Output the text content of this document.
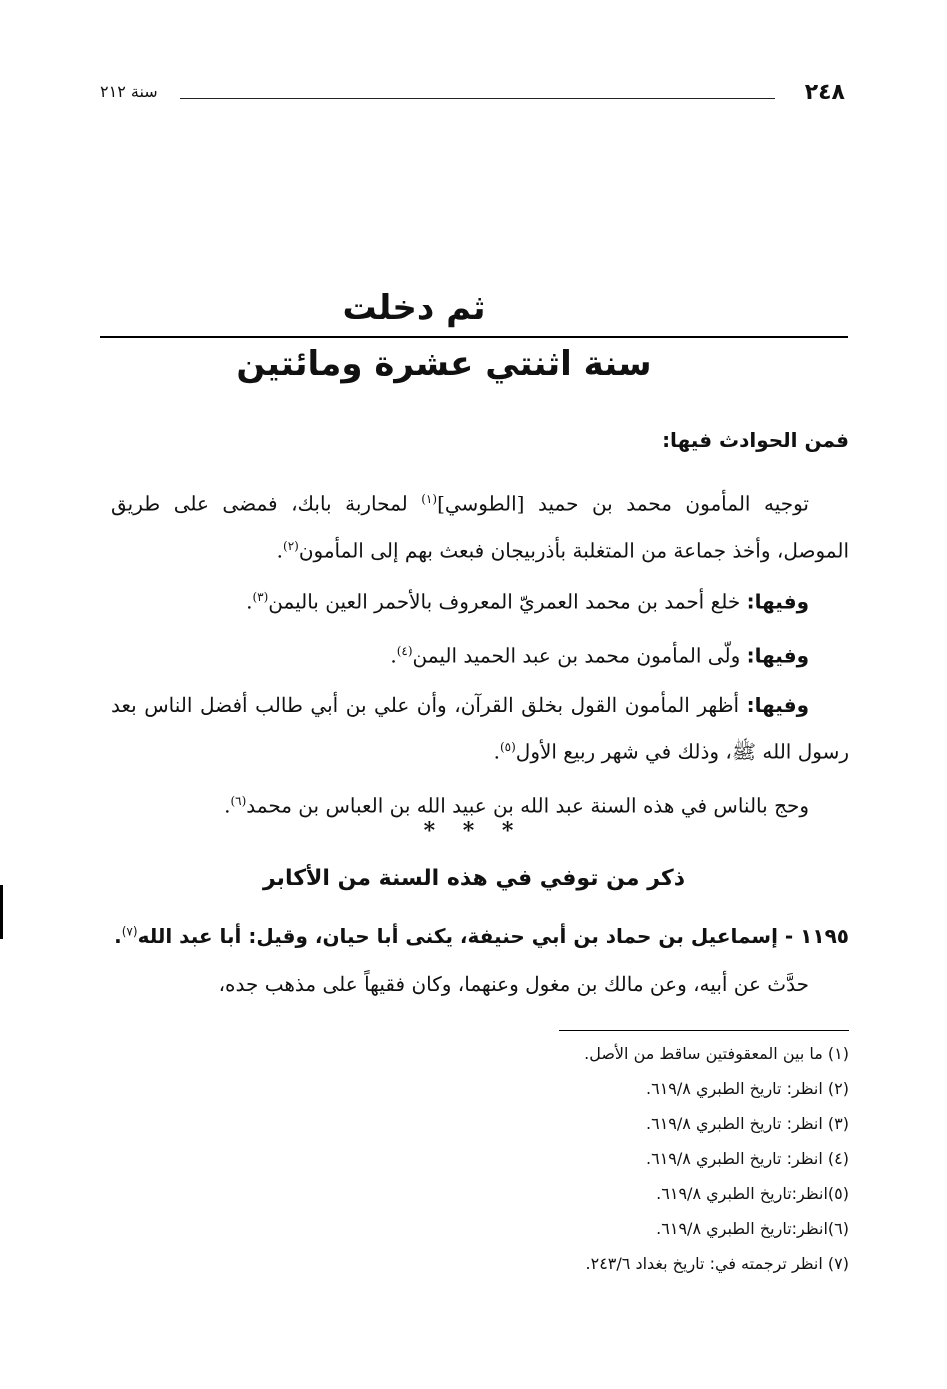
٢٤٨
سنة ٢١٢
ثم دخلت
سنة اثنتي عشرة ومائتين
فمن الحوادث فيها:
توجيه المأمون محمد بن حميد [الطوسي]$^{(١)}$ لمحاربة بابك، فمضى على طريق الموصل، وأخذ جماعة من المتغلبة بأذربيجان فبعث بهم إلى المأمون$^{(٢)}$.
وفيها: خلع أحمد بن محمد العمريّ المعروف بالأحمر العين باليمن$^{(٣)}$.
وفيها: ولّى المأمون محمد بن عبد الحميد اليمن$^{(٤)}$.
وفيها: أظهر المأمون القول بخلق القرآن، وأن علي بن أبي طالب أفضل الناس بعد رسول الله ﷺ، وذلك في شهر ربيع الأول$^{(٥)}$.
وحج بالناس في هذه السنة عبد الله بن عبيد الله بن العباس بن محمد$^{(٦)}$.
* * *
ذكر من توفي في هذه السنة من الأكابر
١١٩٥ - إسماعيل بن حماد بن أبي حنيفة، يكنى أبا حيان، وقيل: أبا عبد الله$^{(٧)}$.
حدَّث عن أبيه، وعن مالك بن مغول وعنهما، وكان فقيهاً على مذهب جده،
(١) ما بين المعقوفتين ساقط من الأصل.
(٢) انظر: تاريخ الطبري ٦١٩/٨.
(٣) انظر: تاريخ الطبري ٦١٩/٨.
(٤) انظر: تاريخ الطبري ٦١٩/٨.
(٥)انظر:تاريخ الطبري ٦١٩/٨.
(٦)انظر:تاريخ الطبري ٦١٩/٨.
(٧) انظر ترجمته في: تاريخ بغداد ٢٤٣/٦.
